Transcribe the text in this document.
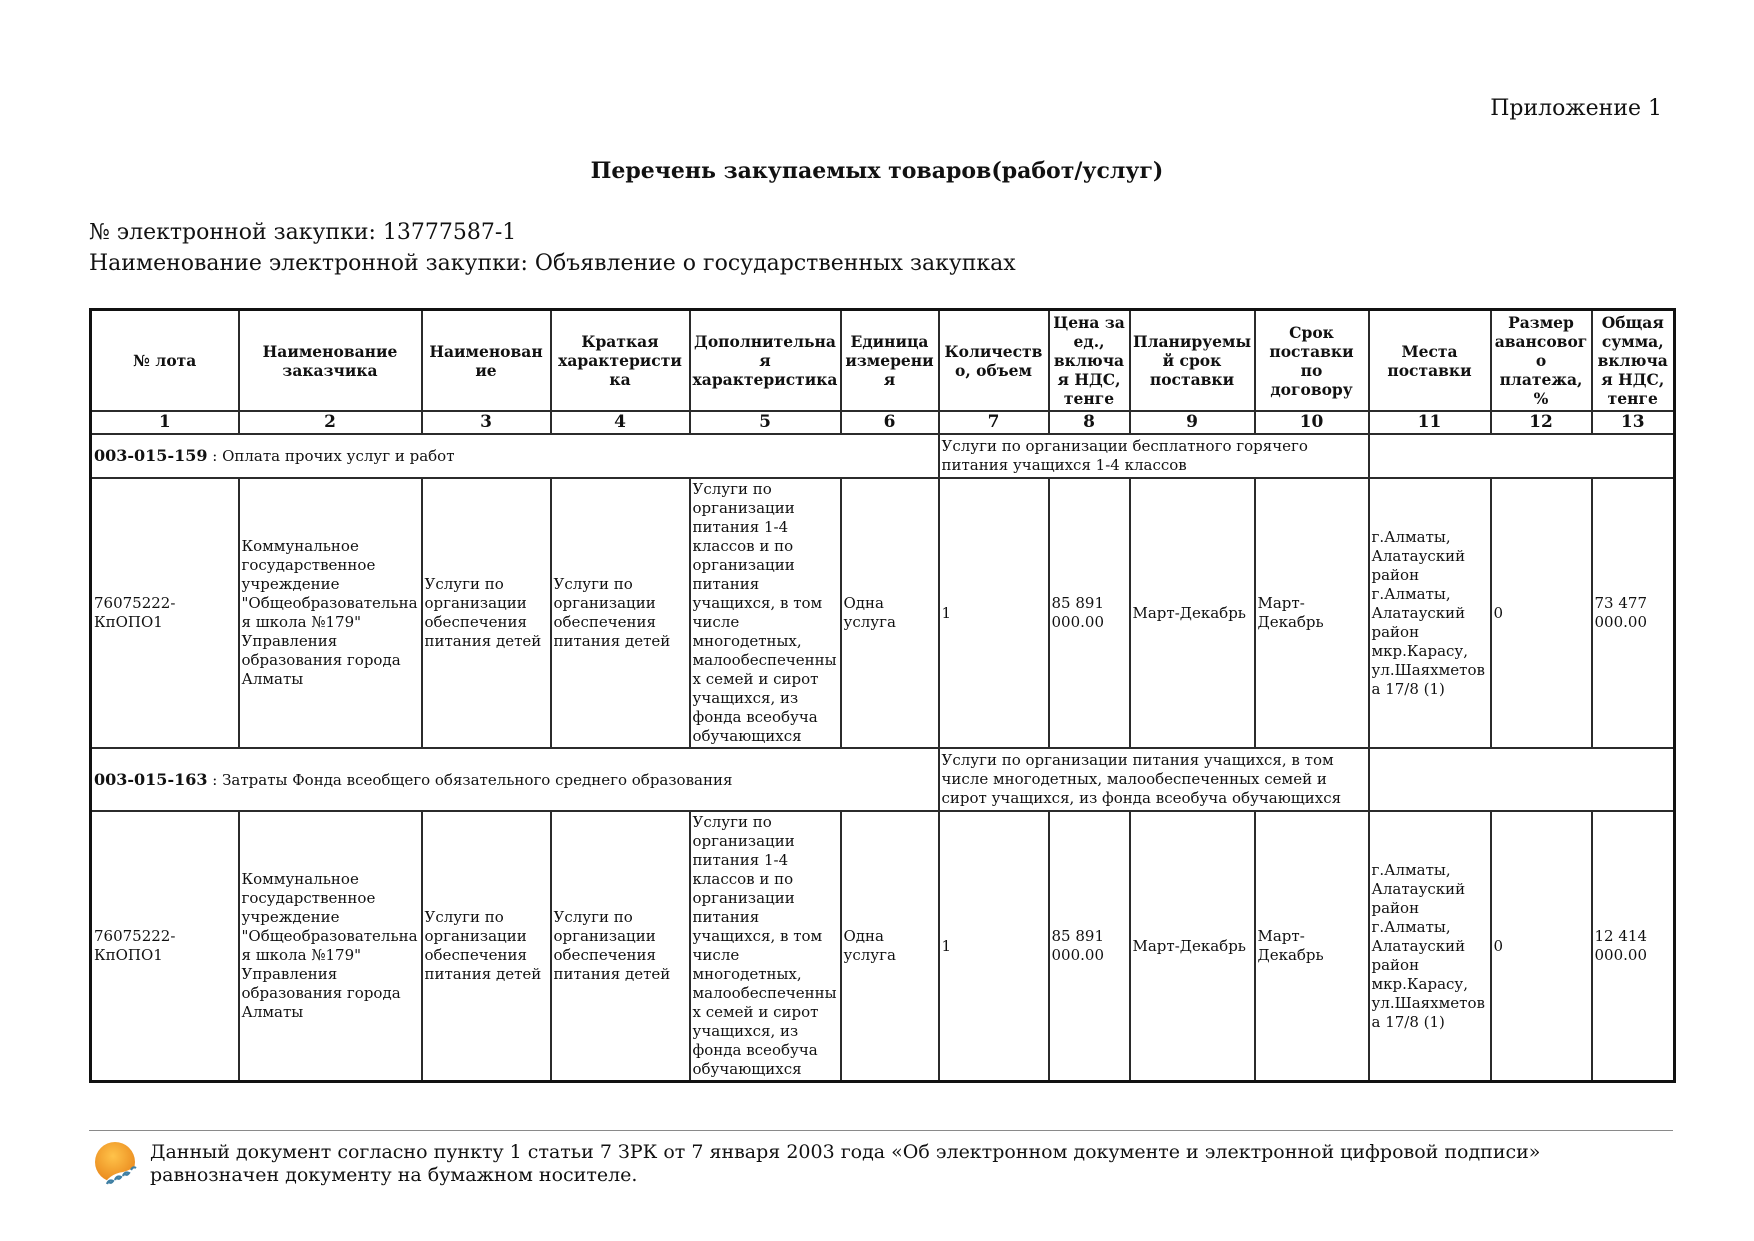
Приложение 1
Перечень закупаемых товаров(работ/услуг)
№ электронной закупки: 13777587-1
Наименование электронной закупки: Объявление о государственных закупках
№ лота	Наименование заказчика	Наименование	Краткая характеристика	Дополнительная характеристика	Единица измерения	Количество, объем	Цена за ед., включая НДС, тенге	Планируемый срок поставки	Срок поставки по договору	Места поставки	Размер авансового платежа, %	Общая сумма, включая НДС, тенге
1	2	3	4	5	6	7	8	9	10	11	12	13
003-015-159 : Оплата прочих услуг и работ						Услуги по организации бесплатного горячего питания учащихся 1-4 классов						
76075222-КпОПО1	Коммунальное государственное учреждение "Общеобразовательная школа №179" Управления образования города Алматы	Услуги по организации обеспечения питания детей	Услуги по организации обеспечения питания детей	Услуги по организации питания 1-4 классов и по организации питания учащихся, в том числе многодетных, малообеспеченных семей и сирот учащихся, из фонда всеобуча обучающихся	Одна услуга	1	85 891 000.00	Март-Декабрь	Март-Декабрь	г.Алматы, Алатауский район г.Алматы, Алатауский район мкр.Карасу, ул.Шаяхметова 17/8 (1)	0	73 477 000.00
003-015-163 : Затраты Фонда всеобщего обязательного среднего образования						Услуги по организации питания учащихся, в том числе многодетных, малообеспеченных семей и сирот учащихся, из фонда всеобуча обучающихся						
76075222-КпОПО1	Коммунальное государственное учреждение "Общеобразовательная школа №179" Управления образования города Алматы	Услуги по организации обеспечения питания детей	Услуги по организации обеспечения питания детей	Услуги по организации питания 1-4 классов и по организации питания учащихся, в том числе многодетных, малообеспеченных семей и сирот учащихся, из фонда всеобуча обучающихся	Одна услуга	1	85 891 000.00	Март-Декабрь	Март-Декабрь	г.Алматы, Алатауский район г.Алматы, Алатауский район мкр.Карасу, ул.Шаяхметова 17/8 (1)	0	12 414 000.00
Данный документ согласно пункту 1 статьи 7 ЗРК от 7 января 2003 года «Об электронном документе и электронной цифровой подписи» равнозначен документу на бумажном носителе.
